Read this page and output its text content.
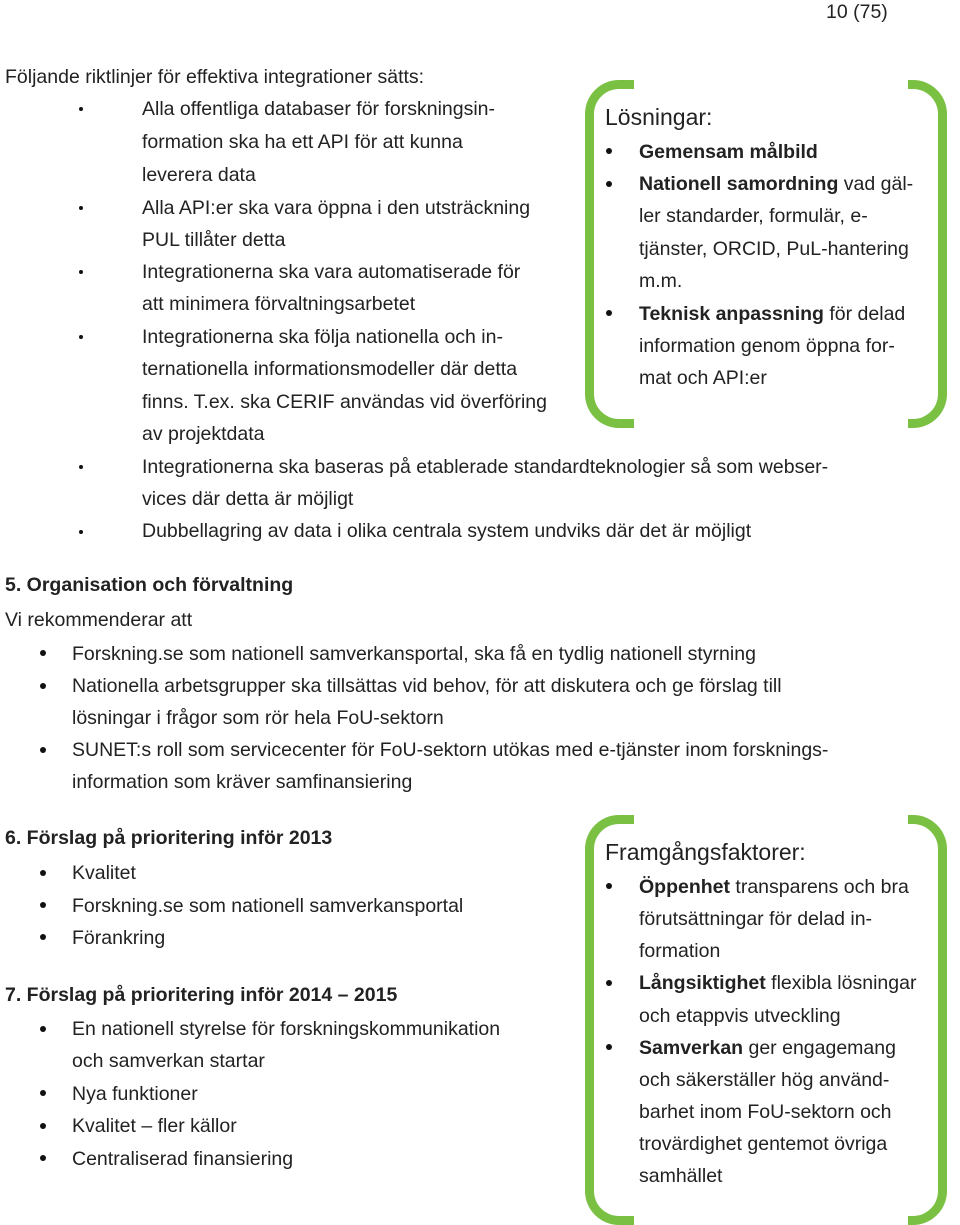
10 (75)
Följande riktlinjer för effektiva integrationer sätts:
Alla offentliga databaser för forskningsin-
formation ska ha ett API för att kunna
leverera data
Alla API:er ska vara öppna i den utsträckning
PUL tillåter detta
Integrationerna ska vara automatiserade för
att minimera förvaltningsarbetet
Integrationerna ska följa nationella och in-
ternationella informationsmodeller där detta
finns. T.ex. ska CERIF användas vid överföring
av projektdata
Integrationerna ska baseras på etablerade standardteknologier så som webser-
vices där detta är möjligt
Dubbellagring av data i olika centrala system undviks där det är möjligt
Lösningar:
Gemensam målbild
Nationell samordning vad gäl-
ler standarder, formulär, e-
tjänster, ORCID, PuL-hantering
m.m.
Teknisk anpassning för delad
information genom öppna for-
mat och API:er
5. Organisation och förvaltning
Vi rekommenderar att
Forskning.se som nationell samverkansportal, ska få en tydlig nationell styrning
Nationella arbetsgrupper ska tillsättas vid behov, för att diskutera och ge förslag till
lösningar i frågor som rör hela FoU-sektorn
SUNET:s roll som servicecenter för FoU-sektorn utökas med e-tjänster inom forsknings-
information som kräver samfinansiering
6. Förslag på prioritering inför 2013
Kvalitet
Forskning.se som nationell samverkansportal
Förankring
7. Förslag på prioritering inför 2014 – 2015
En nationell styrelse för forskningskommunikation
och samverkan startar
Nya funktioner
Kvalitet – fler källor
Centraliserad finansiering
Framgångsfaktorer:
Öppenhet transparens och bra
förutsättningar för delad in-
formation
Långsiktighet flexibla lösningar
och etappvis utveckling
Samverkan ger engagemang
och säkerställer hög använd-
barhet inom FoU-sektorn och
trovärdighet gentemot övriga
samhället
